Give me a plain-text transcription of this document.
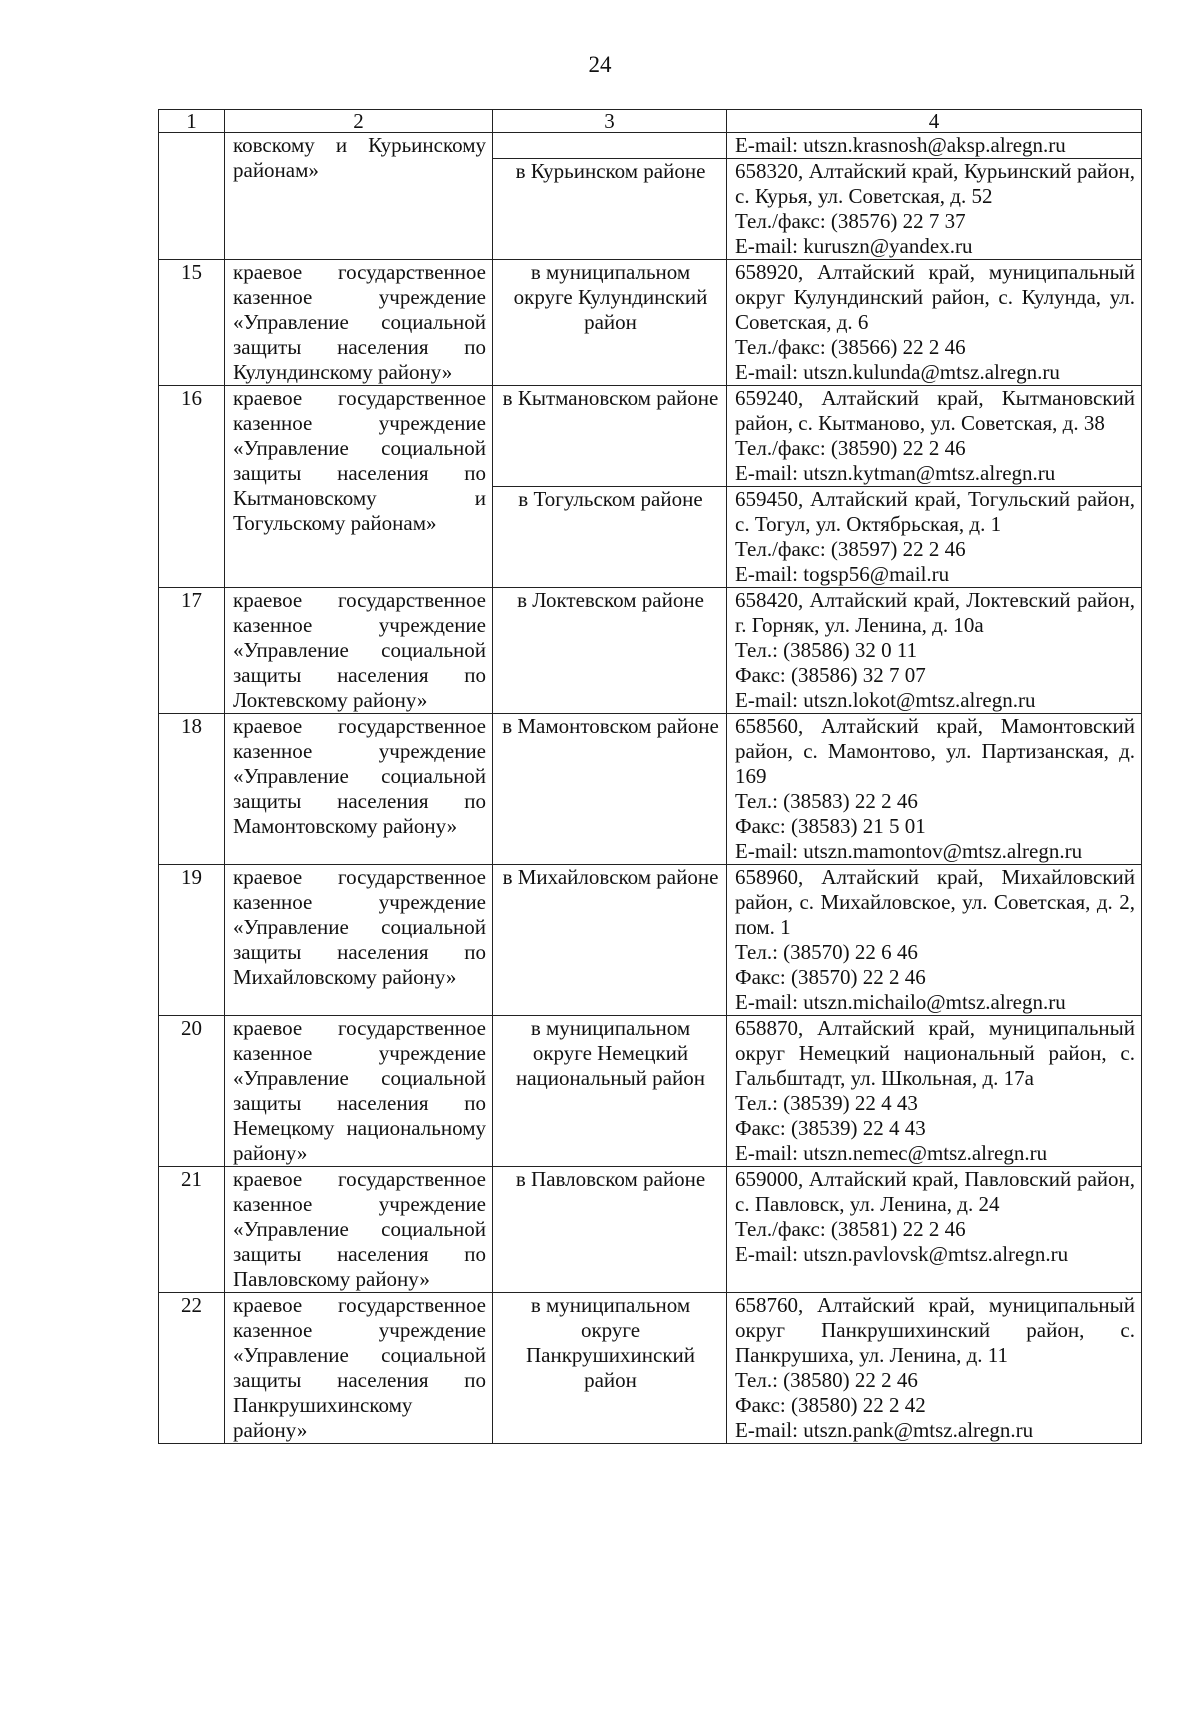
24
1	2	3	4
	ковскому и Курьинскому районам»		E-mail: utszn.krasnosh@aksp.alregn.ru

		в Курьинском районе	658320, Алтайский край, Курьинский район, с. Курья, ул. Советская, д. 52
Тел./факс: (38576) 22 7 37
E-mail: kuruszn@yandex.ru

15	краевое государственное казенное учреждение «Управление социальной защиты населения по Кулундинскому району»	в муниципальном округе Кулундинский район	658920, Алтайский край, муниципальный округ Кулундинский район, с. Кулунда, ул. Советская, д. 6
Тел./факс: (38566) 22 2 46
E-mail: utszn.kulunda@mtsz.alregn.ru

16	краевое государственное казенное учреждение «Управление социальной защиты населения по Кытмановскому и Тогульскому районам»	в Кытмановском районе	659240, Алтайский край, Кытмановский район, с. Кытманово, ул. Советская, д. 38
Тел./факс: (38590) 22 2 46
E-mail: utszn.kytman@mtsz.alregn.ru

		в Тогульском районе	659450, Алтайский край, Тогульский район, с. Тогул, ул. Октябрьская, д. 1
Тел./факс: (38597) 22 2 46
E-mail: togsp56@mail.ru

17	краевое государственное казенное учреждение «Управление социальной защиты населения по Локтевскому району»	в Локтевском районе	658420, Алтайский край, Локтевский район, г. Горняк, ул. Ленина, д. 10а
Тел.: (38586) 32 0 11
Факс: (38586) 32 7 07
E-mail: utszn.lokot@mtsz.alregn.ru

18	краевое государственное казенное учреждение «Управление социальной защиты населения по Мамонтовскому району»	в Мамонтовском районе	658560, Алтайский край, Мамонтовский район, с. Мамонтово, ул. Партизанская, д. 169
Тел.: (38583) 22 2 46
Факс: (38583) 21 5 01
E-mail: utszn.mamontov@mtsz.alregn.ru

19	краевое государственное казенное учреждение «Управление социальной защиты населения по Михайловскому району»	в Михайловском районе	658960, Алтайский край, Михайловский район, с. Михайловское, ул. Советская, д. 2, пом. 1
Тел.: (38570) 22 6 46
Факс: (38570) 22 2 46
E-mail: utszn.michailo@mtsz.alregn.ru

20	краевое государственное казенное учреждение «Управление социальной защиты населения по Немецкому национальному району»	в муниципальном округе Немецкий национальный район	658870, Алтайский край, муниципальный округ Немецкий национальный район, с. Гальбштадт, ул. Школьная, д. 17а
Тел.: (38539) 22 4 43
Факс: (38539) 22 4 43
E-mail: utszn.nemec@mtsz.alregn.ru

21	краевое государственное казенное учреждение «Управление социальной защиты населения по Павловскому району»	в Павловском районе	659000, Алтайский край, Павловский район, с. Павловск, ул. Ленина, д. 24
Тел./факс: (38581) 22 2 46
E-mail: utszn.pavlovsk@mtsz.alregn.ru

22	краевое государственное казенное учреждение «Управление социальной защиты населения по Панкрушихинскому району»	в муниципальном округе Панкрушихинский район	658760, Алтайский край, муниципальный округ Панкрушихинский район, с. Панкрушиха, ул. Ленина, д. 11
Тел.: (38580) 22 2 46
Факс: (38580) 22 2 42
E-mail: utszn.pank@mtsz.alregn.ru
